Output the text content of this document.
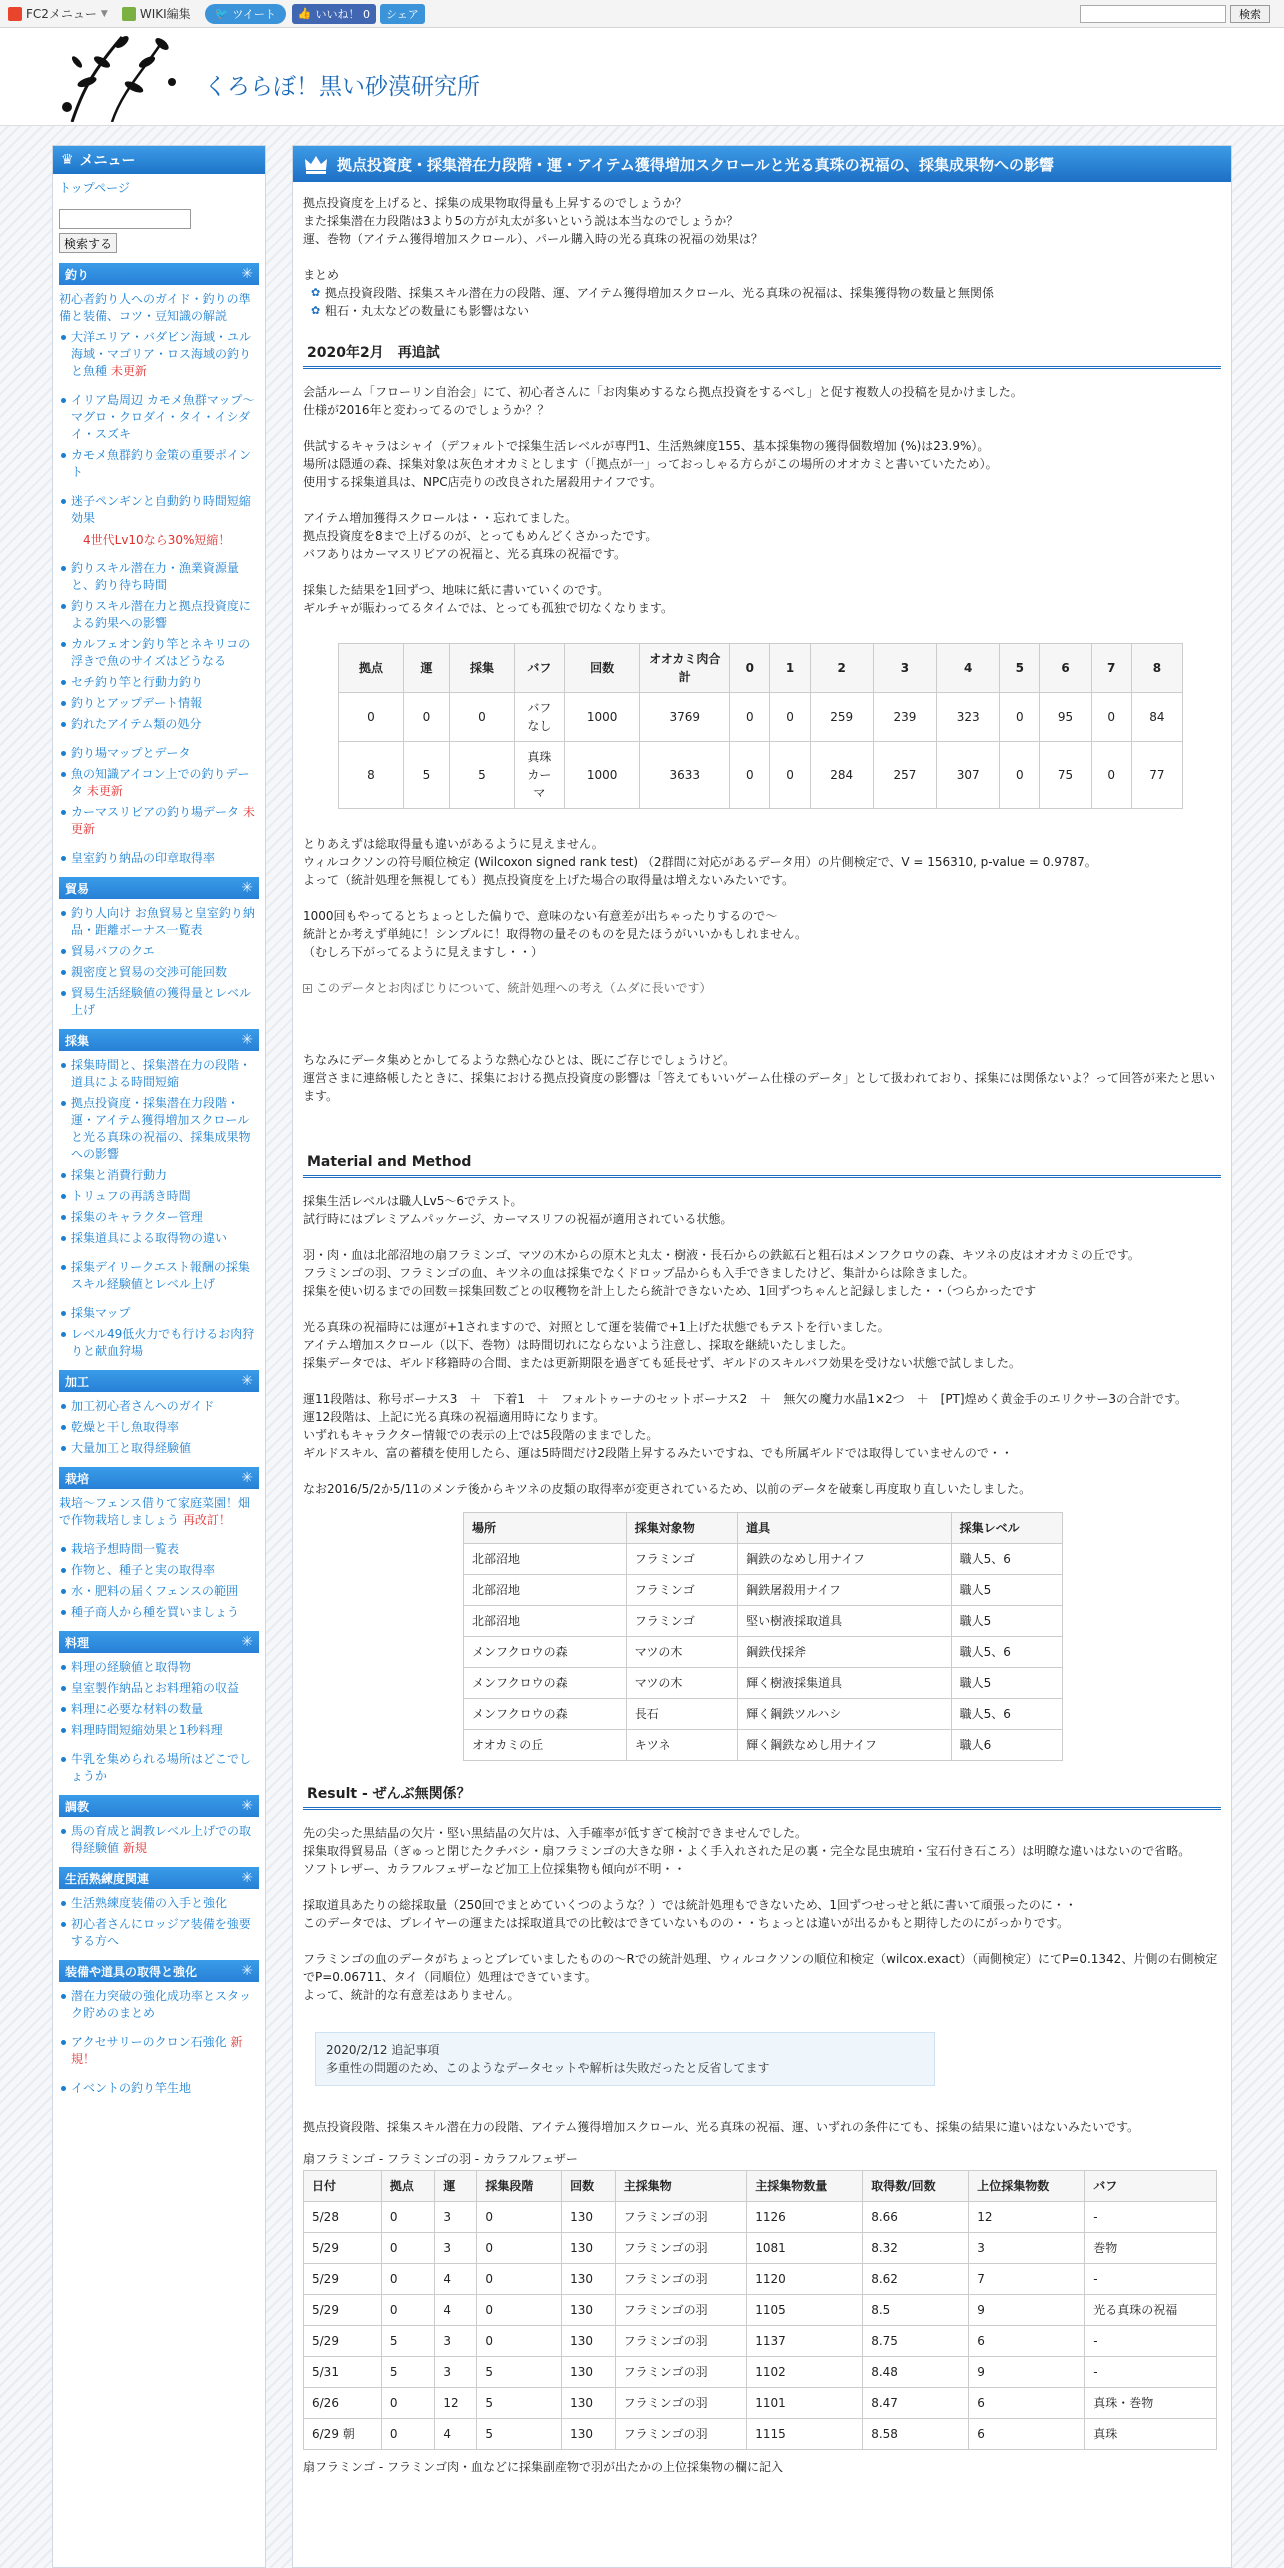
FC2メニュー ▼	WIKI編集 🐦 ツイート 👍 いいね！ 0 シェア	検索
くろらぼ！黒い砂漠研究所
♛ メニュー
トップページ

検索する
釣り	✳
初心者釣り人へのガイド・釣りの準備と装備、コツ・豆知識の解説
大洋エリア・バダビン海域・ユル海域・マゴリア・ロス海域の釣りと魚種 未更新
イリア島周辺 カモメ魚群マップ～マグロ・クロダイ・タイ・イシダイ・スズキ
カモメ魚群釣り金策の重要ポイント
迷子ペンギンと自動釣り時間短縮効果
4世代Lv10なら30%短縮！
釣りスキル潜在力・漁業資源量と、釣り待ち時間
釣りスキル潜在力と拠点投資度による釣果への影響
カルフェオン釣り竿とネキリコの浮きで魚のサイズはどうなる
セチ釣り竿と行動力釣り
釣りとアップデート情報
釣れたアイテム類の処分
釣り場マップとデータ
魚の知識アイコン上での釣りデータ 未更新
カーマスリビアの釣り場データ 未更新
皇室釣り納品の印章取得率
貿易	✳
釣り人向け お魚貿易と皇室釣り納品・距離ボーナス一覧表
貿易バフのクエ
親密度と貿易の交渉可能回数
貿易生活経験値の獲得量とレベル上げ
採集	✳
採集時間と、採集潜在力の段階・道具による時間短縮
拠点投資度・採集潜在力段階・運・アイテム獲得増加スクロールと光る真珠の祝福の、採集成果物への影響
採集と消費行動力
トリュフの再誘き時間
採集のキャラクター管理
採集道具による取得物の違い
採集デイリークエスト報酬の採集スキル経験値とレベル上げ
採集マップ
レベル49低火力でも行けるお肉狩りと献血狩場
加工	✳
加工初心者さんへのガイド
乾燥と干し魚取得率
大量加工と取得経験値
栽培	✳
栽培～フェンス借りて家庭菜園！畑で作物栽培しましょう 再改訂！
栽培予想時間一覧表
作物と、種子と実の取得率
水・肥料の届くフェンスの範囲
種子商人から種を買いましょう
料理	✳
料理の経験値と取得物
皇室製作納品とお料理箱の収益
料理に必要な材料の数量
料理時間短縮効果と1秒料理
牛乳を集められる場所はどこでしょうか
調教	✳
馬の育成と調教レベル上げでの取得経験値 新規
生活熟練度関連	✳
生活熟練度装備の入手と強化
初心者さんにロッジア装備を強要する方へ
装備や道具の取得と強化	✳
潜在力突破の強化成功率とスタック貯めのまとめ
アクセサリーのクロン石強化 新規！
イベントの釣り竿生地
拠点投資度・採集潜在力段階・運・アイテム獲得増加スクロールと光る真珠の祝福の、採集成果物への影響
拠点投資度を上げると、採集の成果物取得量も上昇するのでしょうか？
また採集潜在力段階は3より5の方が丸太が多いという説は本当なのでしょうか？
運、巻物（アイテム獲得増加スクロール）、パール購入時の光る真珠の祝福の効果は？
まとめ
✿ 拠点投資段階、採集スキル潜在力の段階、運、アイテム獲得増加スクロール、光る真珠の祝福は、採集獲得物の数量と無関係
✿ 粗石・丸太などの数量にも影響はない
2020年2月　再追試
会話ルーム「フローリン自治会」にて、初心者さんに「お肉集めするなら拠点投資をするべし」と促す複数人の投稿を見かけました。
仕様が2016年と変わってるのでしょうか？？
供試するキャラはシャイ（デフォルトで採集生活レベルが専門1、生活熟練度155、基本採集物の獲得個数増加 (%)は23.9%）。
場所は隠遁の森、採集対象は灰色オオカミとします（「拠点が一」っておっしゃる方らがこの場所のオオカミと書いていたため）。
使用する採集道具は、NPC店売りの改良された屠殺用ナイフです。
アイテム増加獲得スクロールは・・忘れてました。
拠点投資度を8まで上げるのが、とってもめんどくさかったです。
バフありはカーマスリビアの祝福と、光る真珠の祝福です。
採集した結果を1回ずつ、地味に紙に書いていくのです。
ギルチャが賑わってるタイムでは、とっても孤独で切なくなります。
拠点	運	採集	バフ	回数	オオカミ肉合計	0	1	2	3	4	5	6	7	8
0	0	0	バフなし	1000	3769	0	0	259	239	323	0	95	0	84
8	5	5	真珠カーマ	1000	3633	0	0	284	257	307	0	75	0	77
とりあえずは総取得量も違いがあるように見えません。
ウィルコクソンの符号順位検定 (Wilcoxon signed rank test) （2群間に対応があるデータ用）の片側検定で、V = 156310, p-value = 0.9787。
よって（統計処理を無視しても）拠点投資度を上げた場合の取得量は増えないみたいです。
1000回もやってるとちょっとした偏りで、意味のない有意差が出ちゃったりするので～
統計とか考えず単純に！シンプルに！取得物の量そのものを見たほうがいいかもしれません。
（むしろ下がってるように見えますし・・）
+ このデータとお肉ばじりについて、統計処理への考え（ムダに長いです）
ちなみにデータ集めとかしてるような熱心なひとは、既にご存じでしょうけど。
運営さまに連絡帳したときに、採集における拠点投資度の影響は「答えてもいいゲーム仕様のデータ」として扱われており、採集には関係ないよ？って回答が来たと思います。
Material and Method
採集生活レベルは職人Lv5～6でテスト。
試行時にはプレミアムパッケージ、カーマスリフの祝福が適用されている状態。
羽・肉・血は北部沼地の扇フラミンゴ、マツの木からの原木と丸太・樹液・長石からの鉄鉱石と粗石はメンフクロウの森、キツネの皮はオオカミの丘です。
フラミンゴの羽、フラミンゴの血、キツネの血は採集でなくドロップ品からも入手できましたけど、集計からは除きました。
採集を使い切るまでの回数＝採集回数ごとの収穫物を計上したら統計できないため、1回ずつちゃんと記録しました・・（つらかったです
光る真珠の祝福時には運が+1されますので、対照として運を装備で+1上げた状態でもテストを行いました。
アイテム増加スクロール（以下、巻物）は時間切れにならないよう注意し、採取を継続いたしました。
採集データでは、ギルド移籍時の合間、または更新期限を過ぎても延長せず、ギルドのスキルバフ効果を受けない状態で試しました。
運11段階は、称号ボーナス3　＋　下着1　＋　フォルトゥーナのセットボーナス2　＋　無欠の魔力水晶1×2つ　＋　[PT]煌めく黄金手のエリクサー3の合計です。
運12段階は、上記に光る真珠の祝福適用時になります。
いずれもキャラクター情報での表示の上では5段階のままでした。
ギルドスキル、富の蓄積を使用したら、運は5時間だけ2段階上昇するみたいですね、でも所属ギルドでは取得していませんので・・
なお2016/5/2か5/11のメンテ後からキツネの皮類の取得率が変更されているため、以前のデータを破棄し再度取り直しいたしました。
場所	採集対象物	道具	採集レベル
北部沼地	フラミンゴ	鋼鉄のなめし用ナイフ	職人5、6
北部沼地	フラミンゴ	鋼鉄屠殺用ナイフ	職人5
北部沼地	フラミンゴ	堅い樹液採取道具	職人5
メンフクロウの森	マツの木	鋼鉄伐採斧	職人5、6
メンフクロウの森	マツの木	輝く樹液採集道具	職人5
メンフクロウの森	長石	輝く鋼鉄ツルハシ	職人5、6
オオカミの丘	キツネ	輝く鋼鉄なめし用ナイフ	職人6
Result - ぜんぶ無関係？
先の尖った黒結晶の欠片・堅い黒結晶の欠片は、入手確率が低すぎて検討できませんでした。
採集取得貿易品（ぎゅっと閉じたクチバシ・扇フラミンゴの大きな卵・よく手入れされた足の裏・完全な昆虫琥珀・宝石付き石ころ）は明瞭な違いはないので省略。
ソフトレザー、カラフルフェザーなど加工上位採集物も傾向が不明・・
採取道具あたりの総採取量（250回でまとめていくつのような？）では統計処理もできないため、1回ずつせっせと紙に書いて頑張ったのに・・
このデータでは、プレイヤーの運または採取道具での比較はできていないものの・・ちょっとは違いが出るかもと期待したのにがっかりです。
フラミンゴの血のデータがちょっとブレていましたものの～Rでの統計処理、ウィルコクソンの順位和検定（wilcox.exact）（両側検定）にてP=0.1342、片側の右側検定でP=0.06711、タイ（同順位）処理はできています。
よって、統計的な有意差はありません。
2020/2/12 追記事項
多重性の問題のため、このようなデータセットや解析は失敗だったと反省してます
拠点投資段階、採集スキル潜在力の段階、アイテム獲得増加スクロール、光る真珠の祝福、運、いずれの条件にても、採集の結果に違いはないみたいです。
扇フラミンゴ - フラミンゴの羽 - カラフルフェザー
日付	拠点	運	採集段階	回数	主採集物	主採集物数量	取得数/回数	上位採集物数	バフ
5/28	0	3	0	130	フラミンゴの羽	1126	8.66	12	-
5/29	0	3	0	130	フラミンゴの羽	1081	8.32	3	巻物
5/29	0	4	0	130	フラミンゴの羽	1120	8.62	7	-
5/29	0	4	0	130	フラミンゴの羽	1105	8.5	9	光る真珠の祝福
5/29	5	3	0	130	フラミンゴの羽	1137	8.75	6	-
5/31	5	3	5	130	フラミンゴの羽	1102	8.48	9	-
6/26	0	12	5	130	フラミンゴの羽	1101	8.47	6	真珠・巻物
6/29 朝	0	4	5	130	フラミンゴの羽	1115	8.58	6	真珠
扇フラミンゴ - フラミンゴ肉・血などに採集副産物で羽が出たかの上位採集物の欄に記入
